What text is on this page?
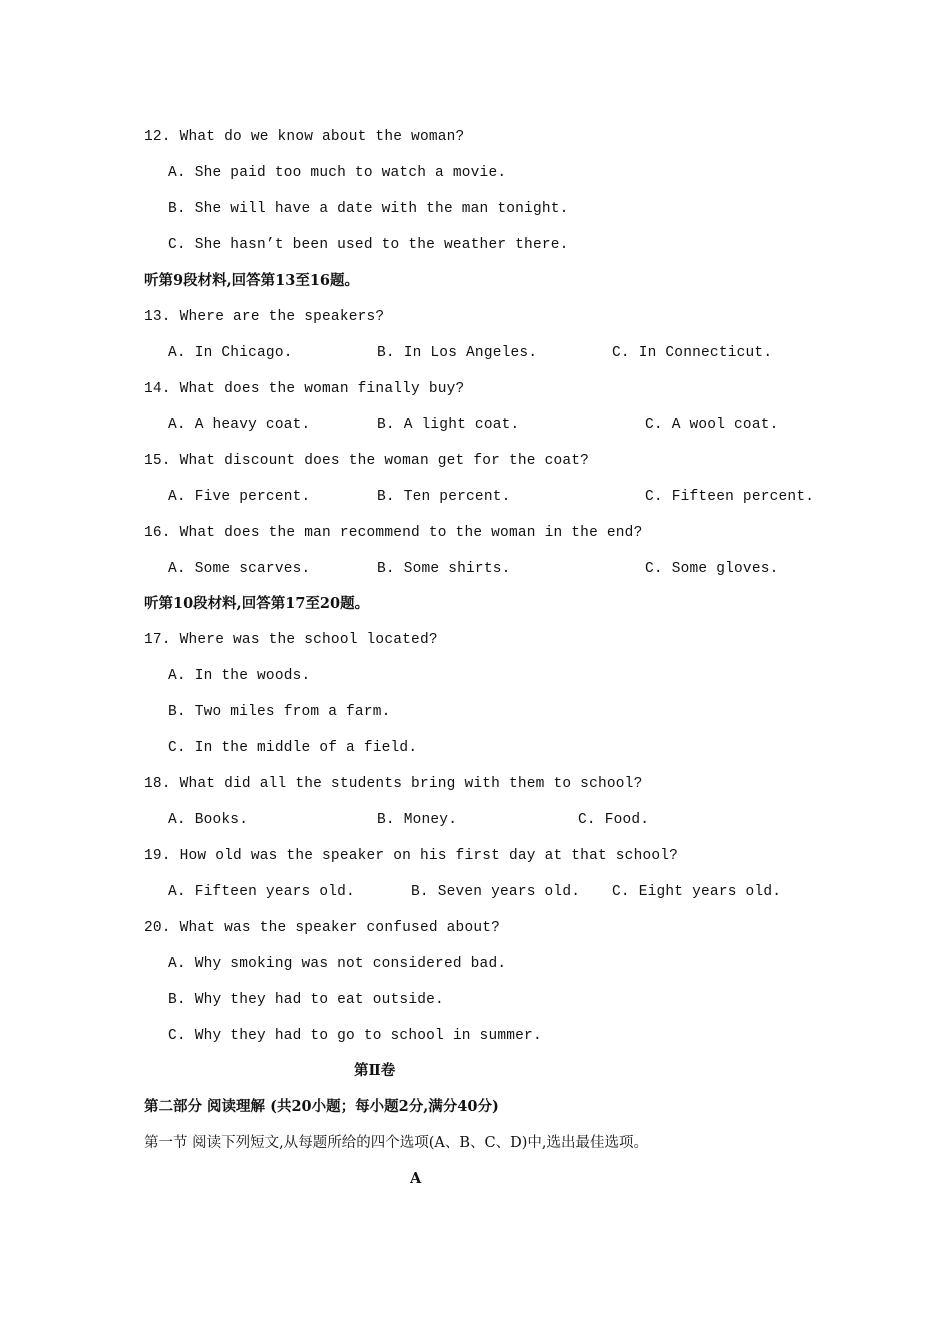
12. What do we know about the woman?
A. She paid too much to watch a movie.
B. She will have a date with the man tonight.
C. She hasn’t been used to the weather there.
听第9段材料,回答第13至16题。
13. Where are the speakers?
A. In Chicago.	B. In Los Angeles.	C. In Connecticut.
14. What does the woman finally buy?
A. A heavy coat.	B. A light coat.	C. A wool coat.
15. What discount does the woman get for the coat?
A. Five percent.	B. Ten percent.	C. Fifteen percent.
16. What does the man recommend to the woman in the end?
A. Some scarves.	B. Some shirts.	C. Some gloves.
听第10段材料,回答第17至20题。
17. Where was the school located?
A. In the woods.
B. Two miles from a farm.
C. In the middle of a field.
18. What did all the students bring with them to school?
A. Books.	B. Money.	C. Food.
19. How old was the speaker on his first day at that school?
A. Fifteen years old.	B. Seven years old. C. Eight years old.
20. What was the speaker confused about?
A. Why smoking was not considered bad.
B. Why they had to eat outside.
C. Why they had to go to school in summer.
第Ⅱ卷
第二部分 阅读理解 (共20小题；每小题2分,满分40分)
第一节 阅读下列短文,从每题所给的四个选项(A、B、C、D)中,选出最佳选项。
A
